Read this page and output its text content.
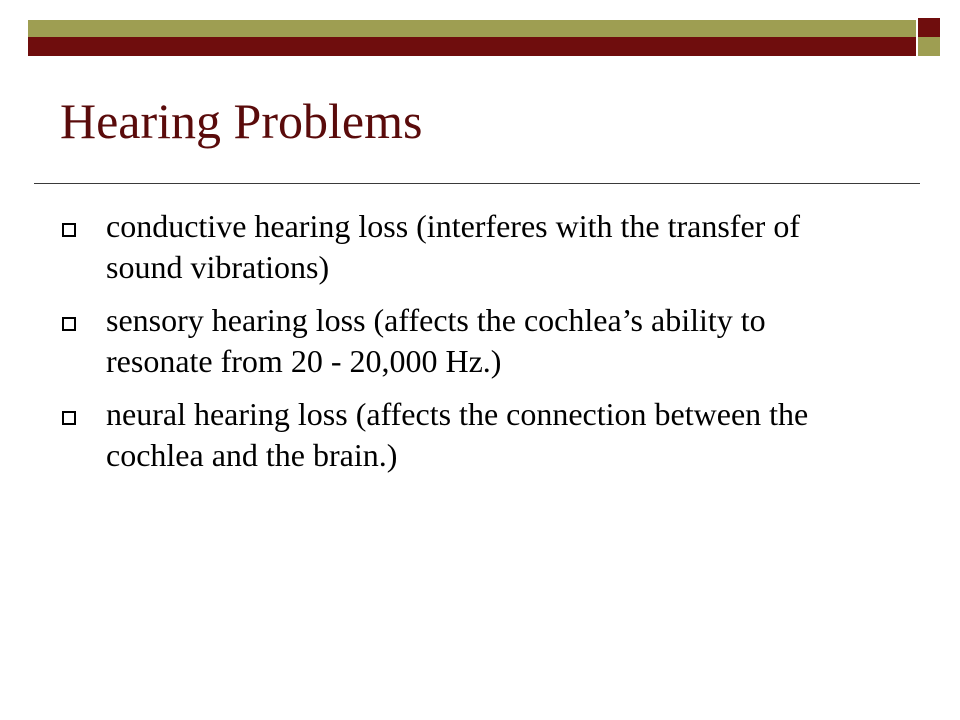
Hearing Problems
conductive hearing loss (interferes with the transfer of sound vibrations)
sensory hearing loss (affects the cochlea’s ability to resonate from 20 - 20,000 Hz.)
neural hearing loss (affects the connection between the cochlea and the brain.)
